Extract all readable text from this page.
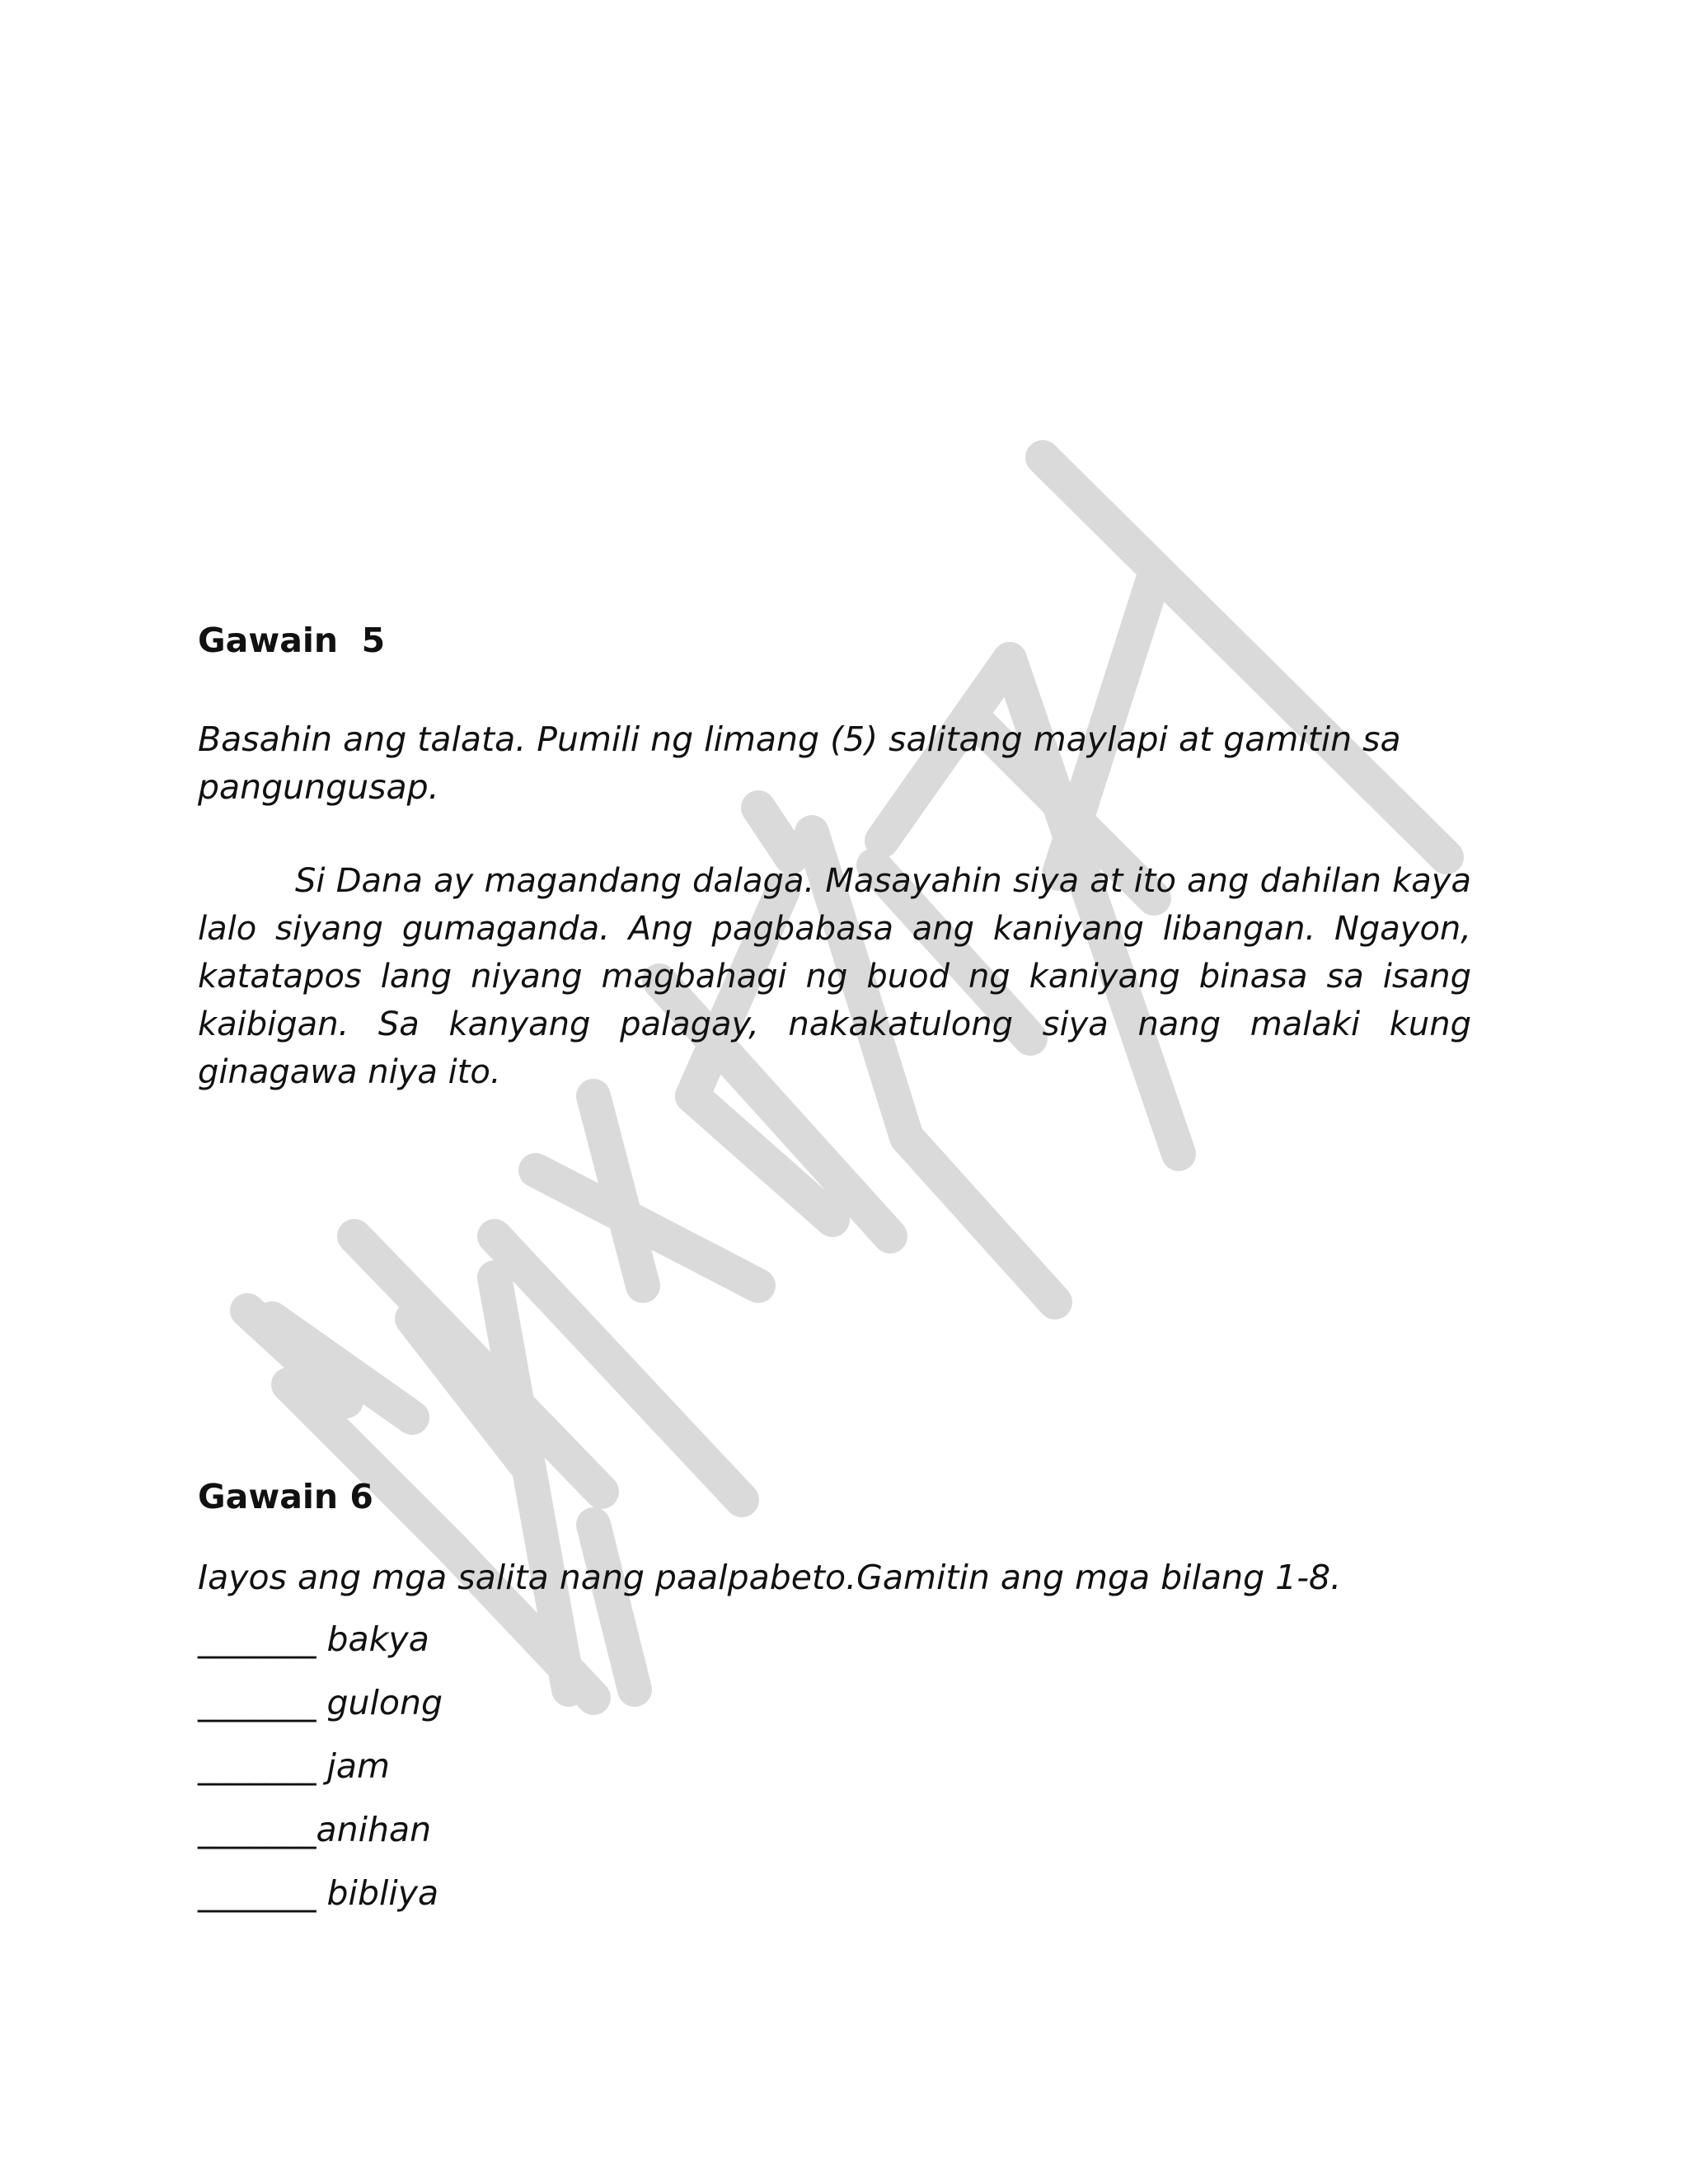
Gawain  5

Basahin ang talata. Pumili ng limang (5) salitang maylapi at gamitin sa pangungusap.

Si Dana ay magandang dalaga. Masayahin siya at ito ang dahilan kaya lalo siyang gumaganda. Ang pagbabasa ang kaniyang libangan. Ngayon, katatapos lang niyang magbahagi ng buod ng kaniyang binasa sa isang kaibigan. Sa kanyang palagay, nakakatulong siya nang malaki kung ginagawa niya ito.

Gawain 6

Iayos ang mga salita nang paalpabeto.Gamitin ang mga bilang 1-8.

_______ bakya
_______ gulong
_______ jam
_______anihan
_______ bibliya
